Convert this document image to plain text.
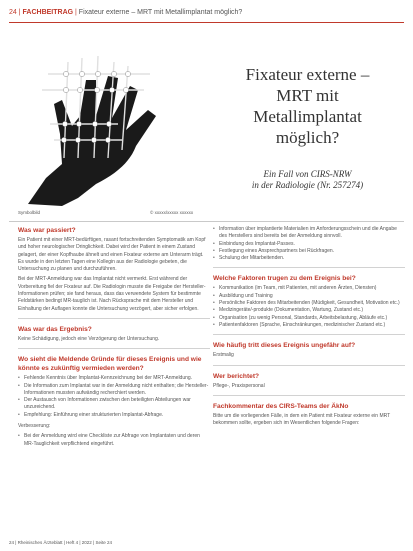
24 | FACHBEITRAG | Fixateur externe – MRT mit Metallimplantat möglich?
Fixateur externe –
MRT mit
Metallimplantat
möglich?
Ein Fall von CIRS-NRW
in der Radiologie (Nr. 257274)
Symbolbild	© xxxxx/xxxxx xxxxxx
Was war passiert?
Ein Patient mit einer MRT-bedürftigen, rasant fortschreitenden Symptomatik am Kopf und hoher neurologischer Dringlichkeit. Dabei wird der Patient in einem Zustand gelagert, der einer Kopfhaube ähnelt und einen Fixateur externe am Unterarm trägt. Es wurde in den letzten Tagen eine Kollegin aus der Radiologie gebeten, die Untersuchung zu planen und durchzuführen.
Bei der MRT-Anmeldung war das Implantat nicht vermerkt. Erst während der Vorbereitung fiel der Fixateur auf. Die Radiologin musste die Freigabe der Hersteller-Informationen prüfen; sie fand heraus, dass das verwendete System für bestimmte Feldstärken bedingt MR-tauglich ist. Nach Rücksprache mit dem Hersteller und Einhaltung der Auflagen konnte die Untersuchung verzögert, aber sicher erfolgen.
Was war das Ergebnis?
Keine Schädigung, jedoch eine Verzögerung der Untersuchung.
Wo sieht die Meldende Gründe für dieses Ereignis und wie könnte es zukünftig vermieden werden?
• Fehlende Kenntnis über Implantat-Kennzeichnung bei der MRT-Anmeldung.
• Die Information zum Implantat war in der Anmeldung nicht enthalten; die Hersteller-Informationen mussten aufwändig recherchiert werden.
• Der Austausch von Informationen zwischen den beteiligten Abteilungen war unzureichend.
• Empfehlung: Einführung einer strukturierten Implantat-Abfrage.
Verbesserung:
• Bei der Anmeldung wird eine Checkliste zur Abfrage von Implantaten und deren MR-Tauglichkeit verpflichtend eingeführt.
• Information über implantierte Materialien im Anforderungsschein und die Angabe des Herstellers sind bereits bei der Anmeldung sinnvoll.
• Einbindung des Implantat-Passes.
• Festlegung eines Ansprechpartners bei Rückfragen.
• Schulung der Mitarbeitenden.
Welche Faktoren trugen zu dem Ereignis bei?
• Kommunikation (im Team, mit Patienten, mit anderen Ärzten, Diensten)
• Ausbildung und Training
• Persönliche Faktoren des Mitarbeitenden (Müdigkeit, Gesundheit, Motivation etc.)
• Medizingeräte/-produkte (Dokumentation, Wartung, Zustand etc.)
• Organisation (zu wenig Personal, Standards, Arbeitsbelastung, Abläufe etc.)
• Patientenfaktoren (Sprache, Einschränkungen, medizinischer Zustand etc.)
Wie häufig tritt dieses Ereignis ungefähr auf?
Erstmalig
Wer berichtet?
Pflege-, Praxispersonal
Fachkommentar des CIRS-Teams der ÄkNo
Bitte um die vorliegenden Fälle, in dem ein Patient mit Fixateur externe ein MRT bekommen sollte, ergeben sich im Wesentlichen folgende Fragen:
24 | Rheinisches Ärzteblatt | Heft 4 | 2022 | Seite 24
